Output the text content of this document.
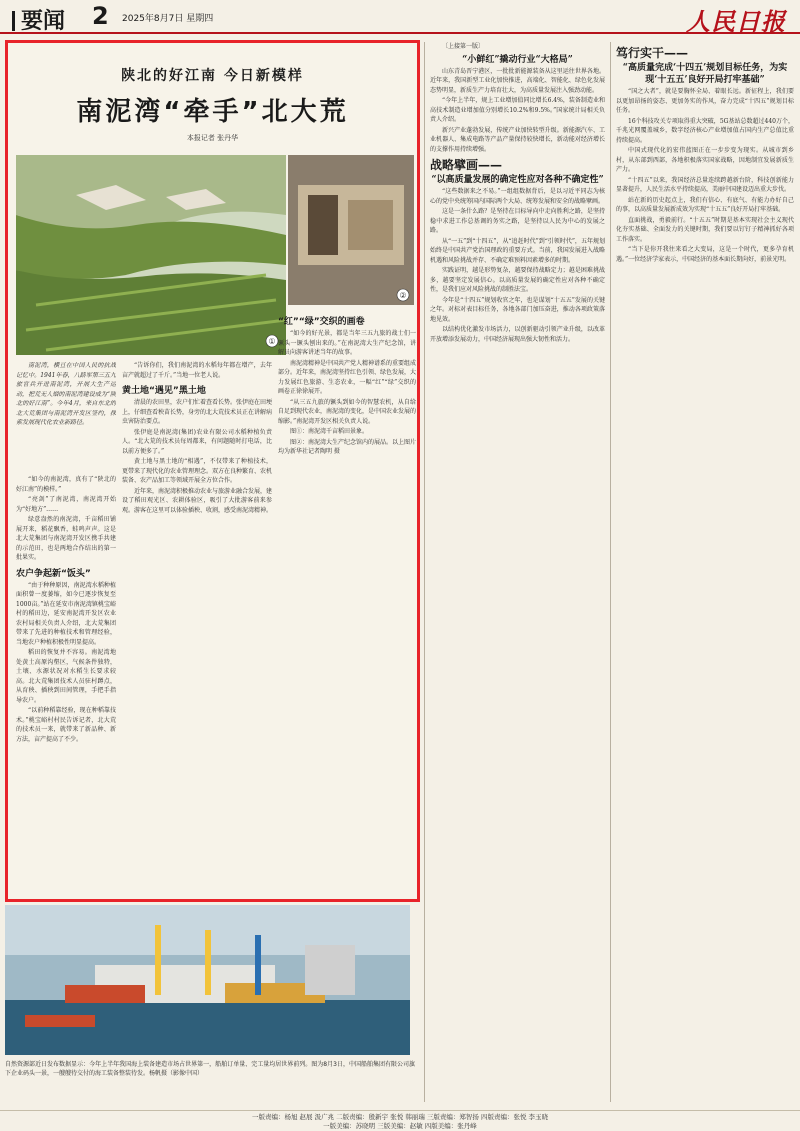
要闻 2 2025年8月7日 星期四	人民日报
陕北的好江南 今日新模样
南泥湾“牵手”北大荒
本报记者 张丹华
①
②

南泥湾，横亘在中国人民的抗战记忆中。1941年春，八路军第三五九旅官兵开进南泥湾，开展大生产运动，把荒无人烟的南泥湾建设成为“陕北的好江南”。今年4月，来自东北的北大荒集团与南泥湾开发区签约，探索发展现代化农业新路径。

“如今的南泥湾，真有了“陕北的好江南”的模样。”

“亮剑”了南泥湾，南泥湾开始为“好地方”……

绿意盎然的南泥湾，千亩稻田铺展开来，稻花飘香，蛙鸣声声。这是北大荒集团与南泥湾开发区携手共建的示范田，也是两地合作结出的第一批果实。

农户争起新“饭头”

“由于种种原因，南泥湾水稻种植面积曾一度萎缩，如今已逐步恢复至1000亩。”站在延安市南泥湾镇桃宝峪村的稻田边，延安南泥湾开发区农业农村局相关负责人介绍，北大荒集团带来了先进的种植技术和管理经验，当地农户种植积极性明显提高。

稻田的恢复并不容易。南泥湾地处黄土高原沟壑区，气候条件独特，土壤、水源状况对水稻生长要求较高。北大荒集团技术人员驻村蹲点，从育秧、插秧到田间管理，手把手指导农户。

“以前种稻靠经验，现在种稻靠技术。”桃宝峪村村民告诉记者，北大荒的技术员一来，就带来了新品种、新方法，亩产提高了不少。

“告诉你们，我们南泥湾的水稻每年都在增产，去年亩产就超过了千斤。”当地一位老人说。

黄土地“遇见”黑土地

清晨的农田里，农户们忙着查看长势。张伊庭在田埂上，仔细查看秧苗长势，身旁的北大荒技术员正在讲解病虫害防治要点。

张伊庭是南泥湾(集团)农业有限公司水稻种植负责人。“北大荒的技术员每周都来，有问题随时打电话，比以前方便多了。”

黄土地与黑土地的“相遇”，不仅带来了种植技术，更带来了现代化的农业管理理念。双方在良种繁育、农机装备、农产品加工等领域开展全方位合作。

近年来，南泥湾积极推动农业与旅游业融合发展，建设了稻田观光区、农耕体验区，吸引了大批游客前来参观。游客在这里可以体验插秧、收割，感受南泥湾精神。

“红”“绿”交织的画卷

“如今的好光景，都是当年三五九旅的战士们一镢头一镢头刨出来的。”在南泥湾大生产纪念馆，讲解员向游客讲述当年的故事。

南泥湾精神是中国共产党人精神谱系的重要组成部分。近年来，南泥湾坚持红色引领、绿色发展，大力发展红色旅游、生态农业，一幅“红”“绿”交织的画卷正徐徐展开。

“从三五九旅的镢头到如今的智慧农机，从自给自足到现代农业，南泥湾的变化，是中国农业发展的缩影。”南泥湾开发区相关负责人说。

图①：南泥湾千亩稻田景象。

图②：南泥湾大生产纪念馆内的展品。以上图片均为新华社记者陶明 摄

自然资源部近日发布数据显示：今年上半年我国海上装备建造市场占世界第一，船舶订单量、完工量均居世界前列。图为8月3日，中国船舶集团有限公司旗下企业码头一景，一艘艘待交付的海工装备整装待发。杨帆摄（影像中国）

〔上接第一版〕

“小鲜红”撬动行业“大格局”

山东青岛晋宁港区，一批批新能源装备从这里运往世界各地。近年来，我国新型工业化加快推进，高端化、智能化、绿色化发展态势明显，新质生产力培育壮大，为高质量发展注入强劲动能。

“今年上半年，规上工业增加值同比增长6.4%，装备制造业和高技术制造业增加值分别增长10.2%和9.5%。”国家统计局相关负责人介绍。

新兴产业蓬勃发展，传统产业加快转型升级。新能源汽车、工业机器人、集成电路等产品产量保持较快增长，新动能对经济增长的支撑作用持续增强。

战略擘画——

“以高质量发展的确定性应对各种不确定性”

“这些数据来之不易。”一组组数据背后，是以习近平同志为核心的党中央统筹国内国际两个大局、统筹发展和安全的战略擘画。

这是一条什么路？是坚持在目标导向中走向胜利之路，是坚持稳中求进工作总基调的务实之路，是坚持以人民为中心的发展之路。

从“一五”到“十四五”，从“追赶时代”到“引领时代”，五年规划始终是中国共产党治国理政的重要方式。当前，我国发展进入战略机遇和风险挑战并存、不确定难预料因素增多的时期。

实践证明，越是形势复杂，越要保持战略定力；越是困难挑战多，越要坚定发展信心。以高质量发展的确定性应对各种不确定性，是我们应对风险挑战的制胜法宝。

今年是“十四五”规划收官之年，也是谋划“十五五”发展的关键之年。对标对表目标任务，各地各部门加压奋进，推动各项政策落地见效。

以结构优化激发市场活力，以创新驱动引领产业升级，以改革开放增添发展动力，中国经济展现出强大韧性和活力。

笃行实干——

“高质量完成‘十四五’规划目标任务，为实现‘十五五’良好开局打牢基础”

“国之大者”，就是要胸怀全局、着眼长远。新征程上，我们要以更加昂扬的姿态、更加务实的作风，奋力完成“十四五”规划目标任务。

16个科技攻关专项取得重大突破，5G基站总数超过440万个，千兆光网覆盖城乡，数字经济核心产业增加值占国内生产总值比重持续提高。

中国式现代化的宏伟蓝图正在一步步变为现实。从城市到乡村，从东部到西部，各地积极落实国家战略，因地制宜发展新质生产力。

“十四五”以来，我国经济总量连续跨越新台阶，科技创新能力显著提升，人民生活水平持续提高，美丽中国建设迈出重大步伐。

站在新的历史起点上，我们有信心、有底气、有能力办好自己的事，以高质量发展新成效为实现“十五五”良好开局打牢基础。

直面挑战，勇毅前行。“十五五”时期是基本实现社会主义现代化夯实基础、全面发力的关键时期，我们要以钉钉子精神抓好各项工作落实。

“当下是你开我往来看之大变局，这是一个时代，更多孕育机遇。”一位经济学家表示，中国经济的基本面长期向好，前景光明。

一版责编：杨旭 赵展 汲广兆 二版责编：殷新宇 张悦 韩丽瑞 三版责编：郑智扬 四版责编：张悦 李玉晓
一版美编：苏晓明 三版美编：赵敏 四版美编：张丹峰
